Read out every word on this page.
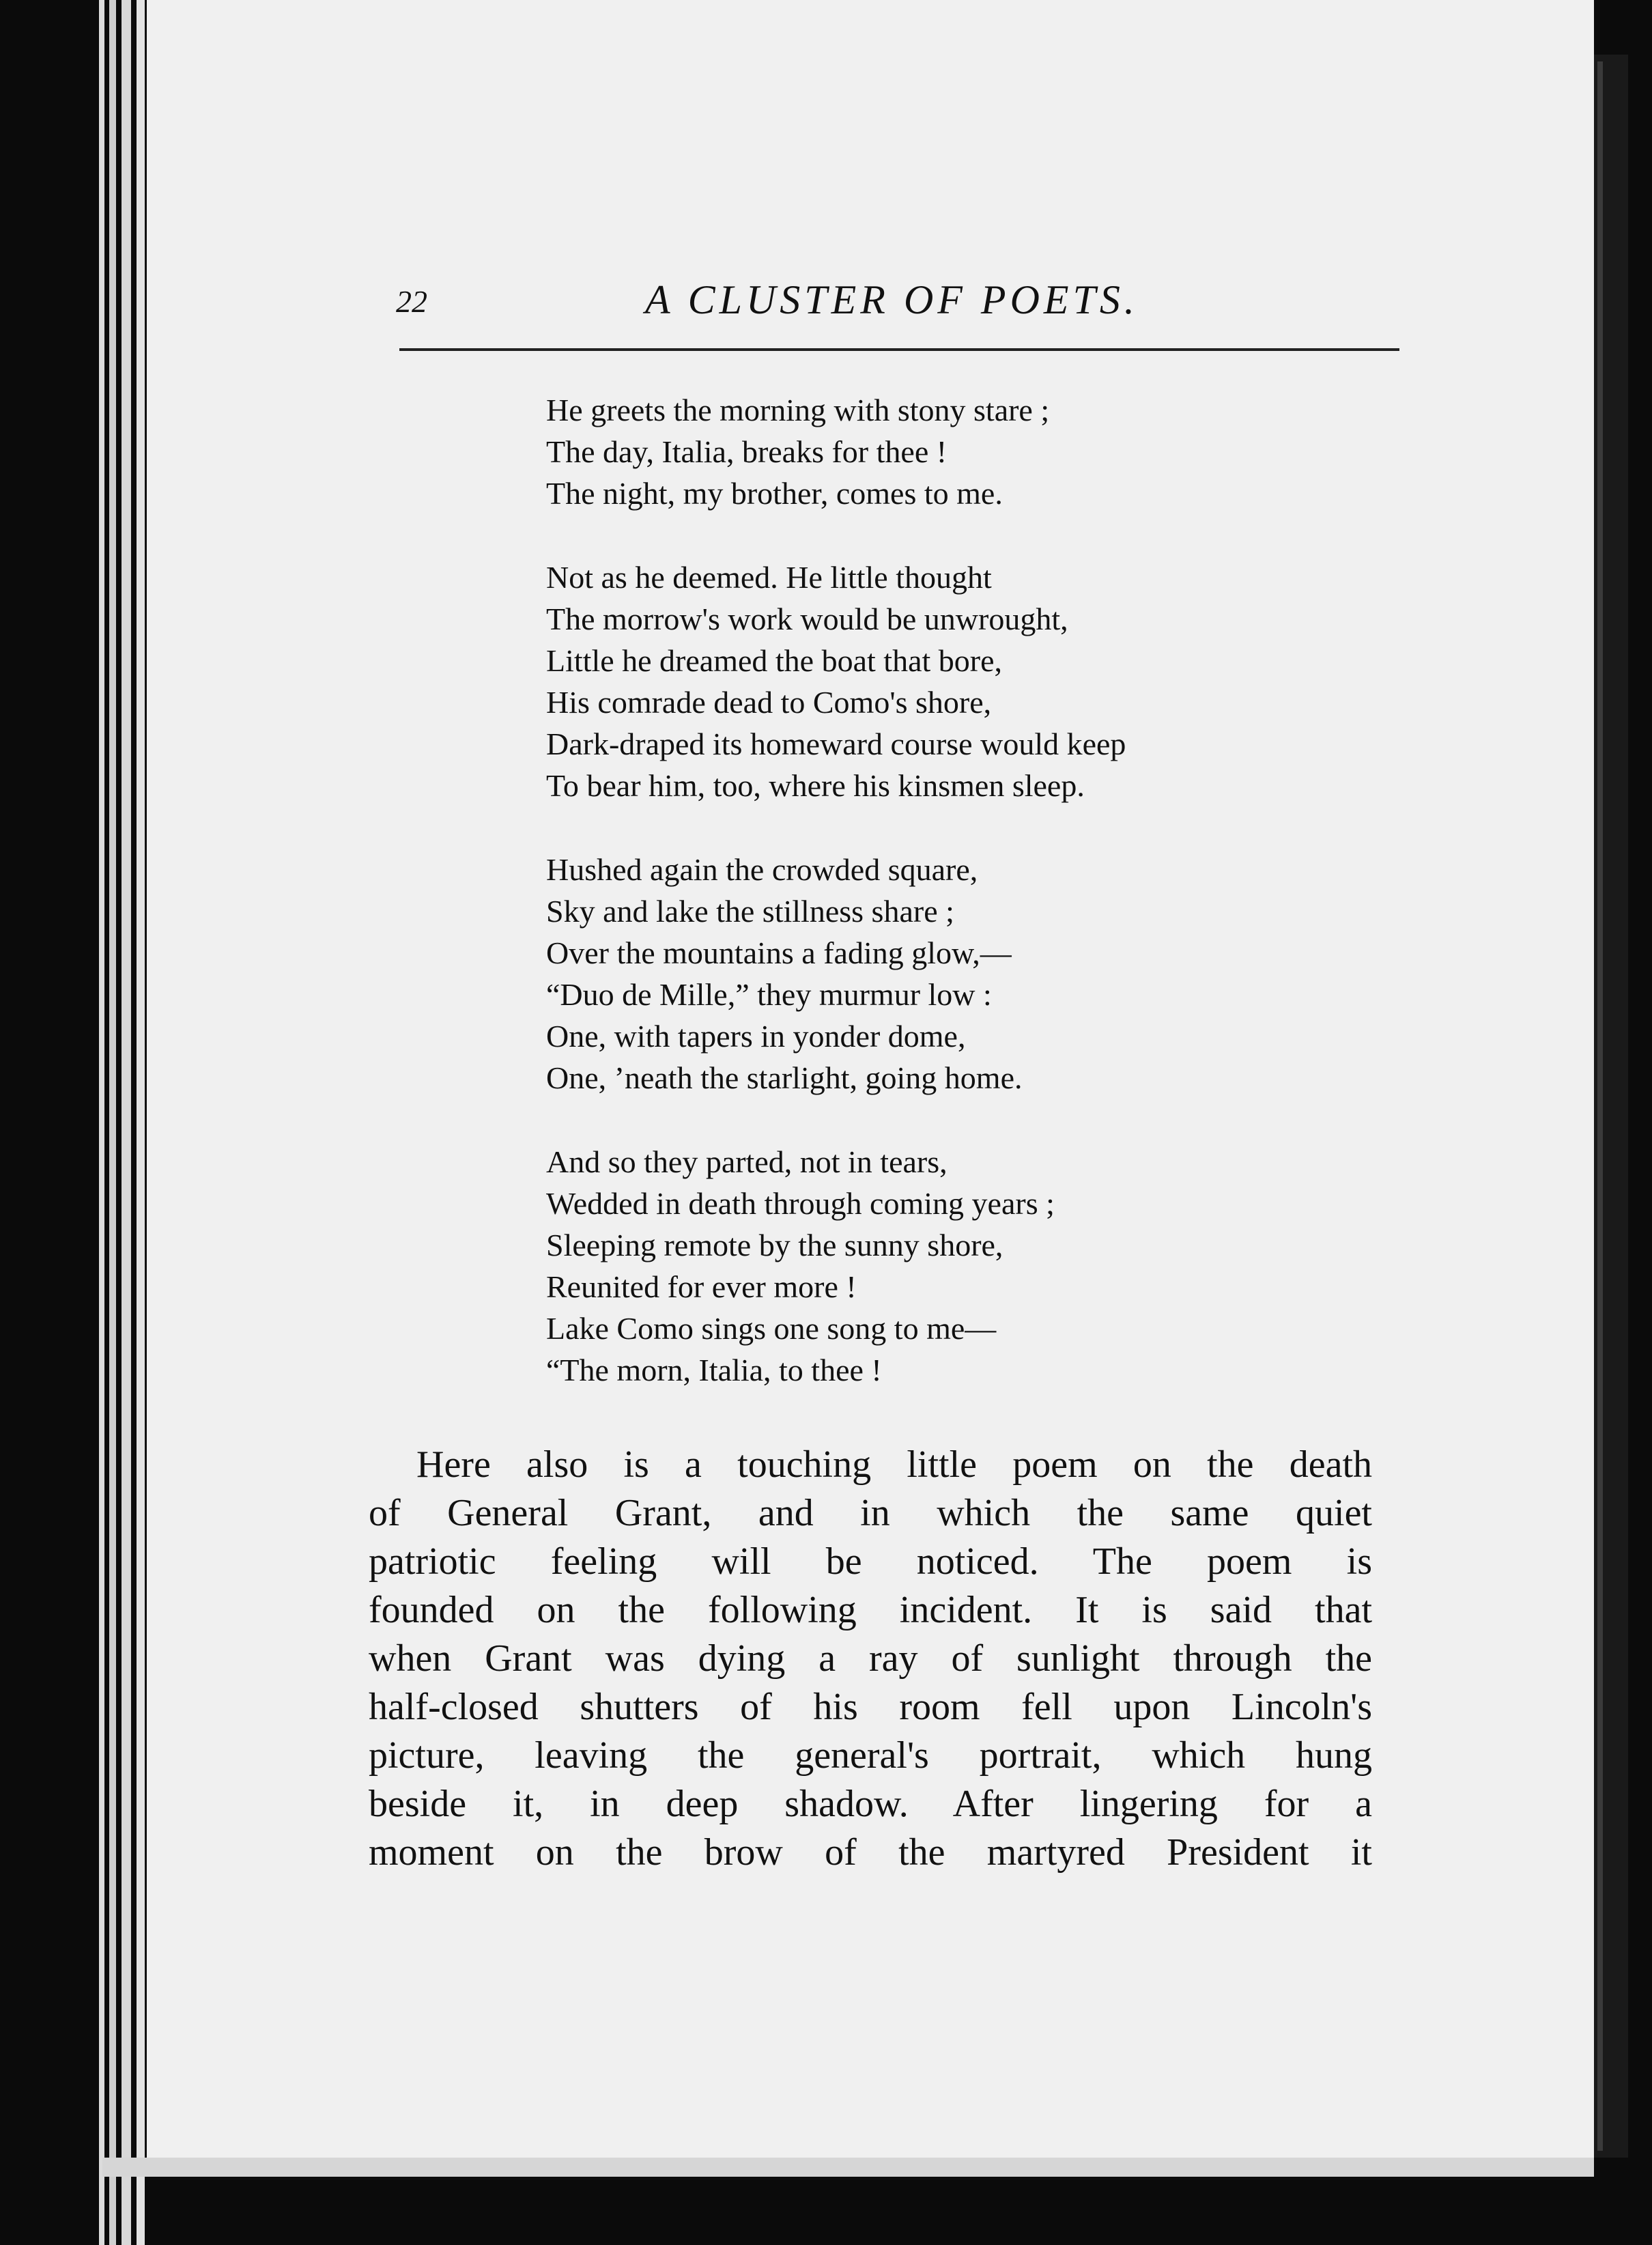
22	A CLUSTER OF POETS.
He greets the morning with stony stare ;
The day, Italia, breaks for thee !
The night, my brother, comes to me.
Not as he deemed. He little thought
The morrow's work would be unwrought,
Little he dreamed the boat that bore,
His comrade dead to Como's shore,
Dark-draped its homeward course would keep
To bear him, too, where his kinsmen sleep.
Hushed again the crowded square,
Sky and lake the stillness share ;
Over the mountains a fading glow,—
“Duo de Mille,” they murmur low :
One, with tapers in yonder dome,
One, ’neath the starlight, going home.
And so they parted, not in tears,
Wedded in death through coming years ;
Sleeping remote by the sunny shore,
Reunited for ever more !
Lake Como sings one song to me—
“The morn, Italia, to thee !
Here also is a touching little poem on the death
of General Grant, and in which the same quiet
patriotic feeling will be noticed. The poem is
founded on the following incident. It is said that
when Grant was dying a ray of sunlight through the
half-closed shutters of his room fell upon Lincoln's
picture, leaving the general's portrait, which hung
beside it, in deep shadow. After lingering for a
moment on the brow of the martyred President it
